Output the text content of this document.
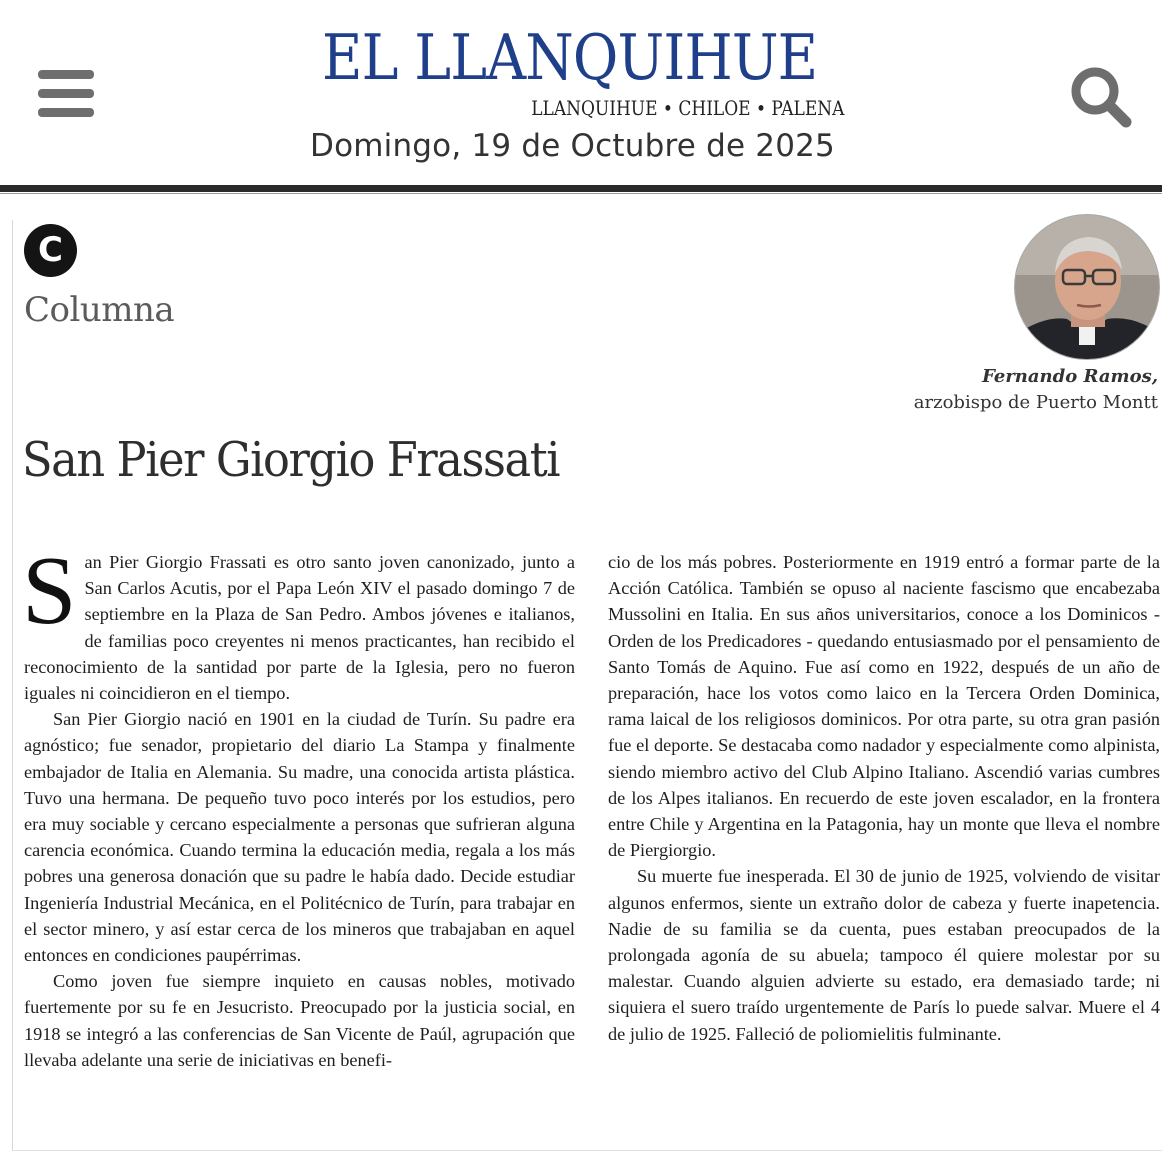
EL LLANQUIHUE
LLANQUIHUE • CHILOE • PALENA
Domingo, 19 de Octubre de 2025
C
Columna
Fernando Ramos,
arzobispo de Puerto Montt
San Pier Giorgio Frassati

San Pier Giorgio Frassati es otro santo joven canonizado, junto a San Carlos Acutis, por el Papa León XIV el pasado domingo 7 de septiembre en la Plaza de San Pedro. Ambos jóvenes e italianos, de familias poco creyentes ni menos practicantes, han recibido el reconocimiento de la santidad por parte de la Iglesia, pero no fueron iguales ni coincidieron en el tiempo.

San Pier Giorgio nació en 1901 en la ciudad de Turín. Su padre era agnóstico; fue senador, propietario del diario La Stampa y finalmente embajador de Italia en Alemania. Su madre, una conocida artista plástica. Tuvo una hermana. De pequeño tuvo poco interés por los estudios, pero era muy sociable y cercano especialmente a personas que sufrieran alguna carencia económica. Cuando termina la educación media, regala a los más pobres una generosa donación que su padre le había dado. Decide estudiar Ingeniería Industrial Mecánica, en el Politécnico de Turín, para trabajar en el sector minero, y así estar cerca de los mineros que trabajaban en aquel entonces en condiciones paupérrimas.

Como joven fue siempre inquieto en causas nobles, motivado fuertemente por su fe en Jesucristo. Preocupado por la justicia social, en 1918 se integró a las conferencias de San Vicente de Paúl, agrupación que llevaba adelante una serie de iniciativas en benefi-

cio de los más pobres. Posteriormente en 1919 entró a formar parte de la Acción Católica. También se opuso al naciente fascismo que encabezaba Mussolini en Italia. En sus años universitarios, conoce a los Dominicos - Orden de los Predicadores - quedando entusiasmado por el pensamiento de Santo Tomás de Aquino. Fue así como en 1922, después de un año de preparación, hace los votos como laico en la Tercera Orden Dominica, rama laical de los religiosos dominicos. Por otra parte, su otra gran pasión fue el deporte. Se destacaba como nadador y especialmente como alpinista, siendo miembro activo del Club Alpino Italiano. Ascendió varias cumbres de los Alpes italianos. En recuerdo de este joven escalador, en la frontera entre Chile y Argentina en la Patagonia, hay un monte que lleva el nombre de Piergiorgio.

Su muerte fue inesperada. El 30 de junio de 1925, volviendo de visitar algunos enfermos, siente un extraño dolor de cabeza y fuerte inapetencia. Nadie de su familia se da cuenta, pues estaban preocupados de la prolongada agonía de su abuela; tampoco él quiere molestar por su malestar. Cuando alguien advierte su estado, era demasiado tarde; ni siquiera el suero traído urgentemente de París lo puede salvar. Muere el 4 de julio de 1925. Falleció de poliomielitis fulminante.
